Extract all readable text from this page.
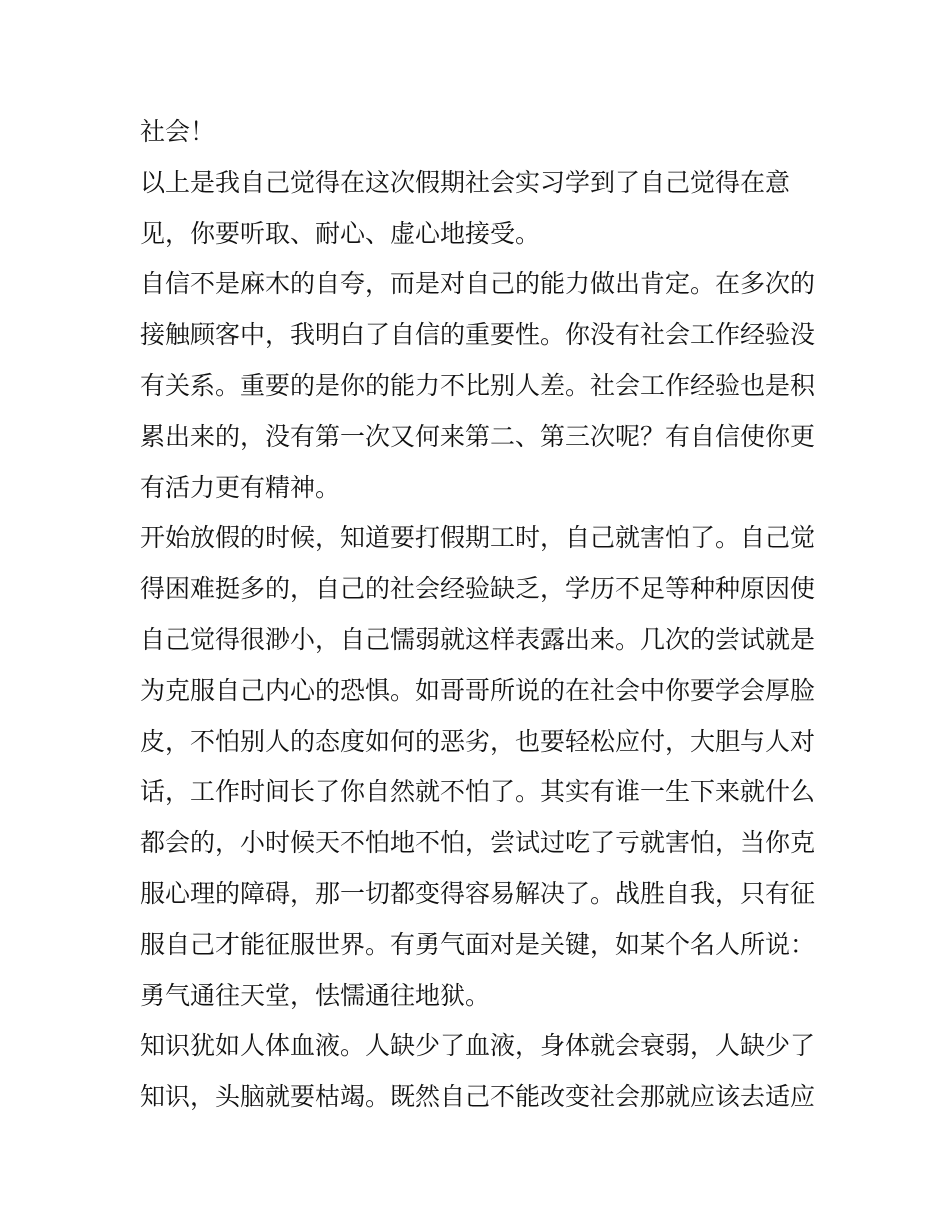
社会！
以上是我自己觉得在这次假期社会实习学到了自己觉得在意
见，你要听取、耐心、虚心地接受。
自信不是麻木的自夸，而是对自己的能力做出肯定。在多次的
接触顾客中，我明白了自信的重要性。你没有社会工作经验没
有关系。重要的是你的能力不比别人差。社会工作经验也是积
累出来的，没有第一次又何来第二、第三次呢？有自信使你更
有活力更有精神。
开始放假的时候，知道要打假期工时，自己就害怕了。自己觉
得困难挺多的，自己的社会经验缺乏，学历不足等种种原因使
自己觉得很渺小，自己懦弱就这样表露出来。几次的尝试就是
为克服自己内心的恐惧。如哥哥所说的在社会中你要学会厚脸
皮，不怕别人的态度如何的恶劣，也要轻松应付，大胆与人对
话，工作时间长了你自然就不怕了。其实有谁一生下来就什么
都会的，小时候天不怕地不怕，尝试过吃了亏就害怕，当你克
服心理的障碍，那一切都变得容易解决了。战胜自我，只有征
服自己才能征服世界。有勇气面对是关键，如某个名人所说：
勇气通往天堂，怯懦通往地狱。
知识犹如人体血液。人缺少了血液，身体就会衰弱，人缺少了
知识，头脑就要枯竭。既然自己不能改变社会那就应该去适应
